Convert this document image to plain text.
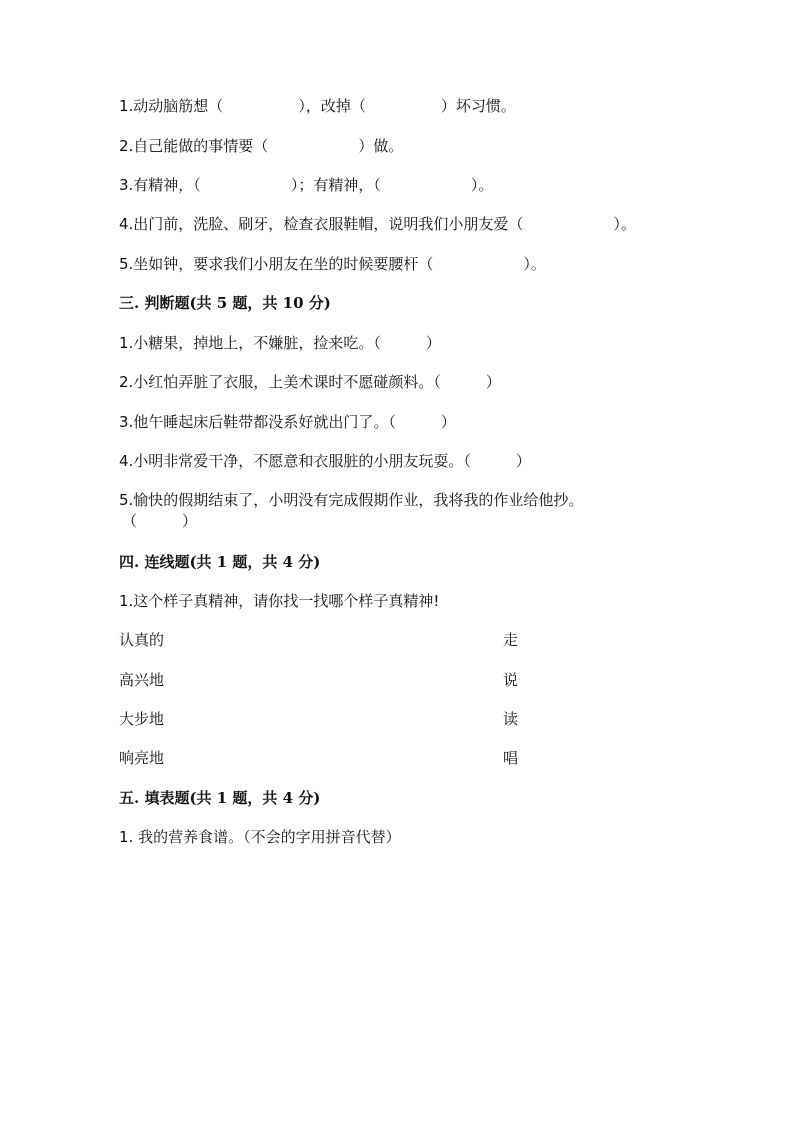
1.动动脑筋想（　　　　　），改掉（　　　　　）坏习惯。
2.自己能做的事情要（　　　　　　）做。
3.有精神，（　　　　　　）；有精神，（　　　　　　）。
4.出门前，洗脸、刷牙，检查衣服鞋帽，说明我们小朋友爱（　　　　　　）。
5.坐如钟，要求我们小朋友在坐的时候要腰杆（　　　　　　）。
三. 判断题(共 5 题，共 10 分)
1.小糖果，掉地上，不嫌脏，捡来吃。（　　　）
2.小红怕弄脏了衣服，上美术课时不愿碰颜料。（　　　）
3.他午睡起床后鞋带都没系好就出门了。（　　　）
4.小明非常爱干净，不愿意和衣服脏的小朋友玩耍。（　　　）
5.愉快的假期结束了，小明没有完成假期作业，我将我的作业给他抄。
（　　　）
四. 连线题(共 1 题，共 4 分)
1.这个样子真精神，请你找一找哪个样子真精神!
认真的	走
高兴地	说
大步地	读
响亮地	唱
五. 填表题(共 1 题，共 4 分)
1. 我的营养食谱。（不会的字用拼音代替）
